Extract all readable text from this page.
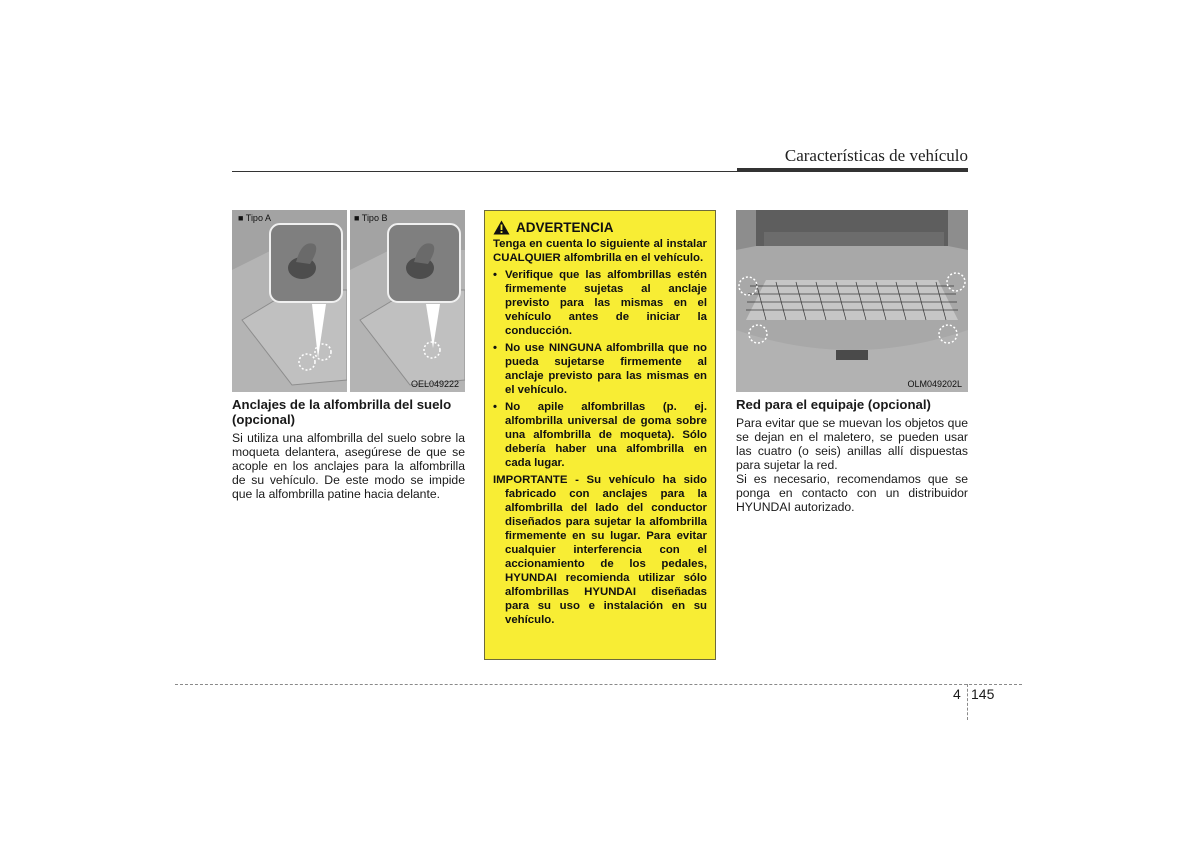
Características de vehículo
■ Tipo A	■ Tipo B
OEL049222
Anclajes de la alfombrilla del suelo (opcional)

Si utiliza una alfombrilla del suelo sobre la moqueta delantera, asegúrese de que se acople en los anclajes para la alfombrilla de su vehículo. De este modo se impide que la alfombrilla patine hacia delante.

ADVERTENCIA

Tenga en cuenta lo siguiente al instalar CUALQUIER alfombrilla en el vehículo.

• Verifique que las alfombrillas estén firmemente sujetas al anclaje previsto para las mismas en el vehículo antes de iniciar la conducción.
• No use NINGUNA alfombrilla que no pueda sujetarse firmemente al anclaje previsto para las mismas en el vehículo.
• No apile alfombrillas (p. ej. alfombrilla universal de goma sobre una alfombrilla de moqueta). Sólo debería haber una alfombrilla en cada lugar.

IMPORTANTE - Su vehículo ha sido fabricado con anclajes para la alfombrilla del lado del conductor diseñados para sujetar la alfombrilla firmemente en su lugar. Para evitar cualquier interferencia con el accionamiento de los pedales, HYUNDAI recomienda utilizar sólo alfombrillas HYUNDAI diseñadas para su uso e instalación en su vehículo.

OLM049202L
Red para el equipaje (opcional)

Para evitar que se muevan los objetos que se dejan en el maletero, se pueden usar las cuatro (o seis) anillas allí dispuestas para sujetar la red.

Si es necesario, recomendamos que se ponga en contacto con un distribuidor HYUNDAI autorizado.

4 145
